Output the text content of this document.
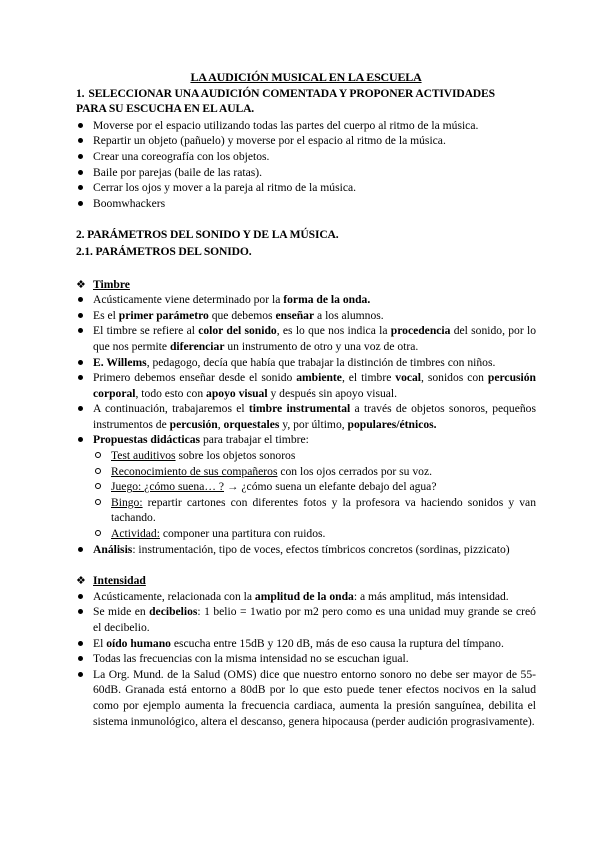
LA AUDICIÓN MUSICAL EN LA ESCUELA
1. SELECCIONAR UNA AUDICIÓN COMENTADA Y PROPONER ACTIVIDADES
PARA SU ESCUCHA EN EL AULA.
Moverse por el espacio utilizando todas las partes del cuerpo al ritmo de la música.
Repartir un objeto (pañuelo) y moverse por el espacio al ritmo de la música.
Crear una coreografía con los objetos.
Baile por parejas (baile de las ratas).
Cerrar los ojos y mover a la pareja al ritmo de la música.
Boomwhackers
2. PARÁMETROS DEL SONIDO Y DE LA MÚSICA.
2.1. PARÁMETROS DEL SONIDO.
❖ Timbre
Acústicamente viene determinado por la forma de la onda.
Es el primer parámetro que debemos enseñar a los alumnos.
El timbre se refiere al color del sonido, es lo que nos indica la procedencia del sonido, por lo que nos permite diferenciar un instrumento de otro y una voz de otra.
E. Willems, pedagogo, decía que había que trabajar la distinción de timbres con niños.
Primero debemos enseñar desde el sonido ambiente, el timbre vocal, sonidos con percusión corporal, todo esto con apoyo visual y después sin apoyo visual.
A continuación, trabajaremos el timbre instrumental a través de objetos sonoros, pequeños instrumentos de percusión, orquestales y, por último, populares/étnicos.
Propuestas didácticas para trabajar el timbre:
Test auditivos sobre los objetos sonoros
Reconocimiento de sus compañeros con los ojos cerrados por su voz.
Juego: ¿cómo suena… ? → ¿cómo suena un elefante debajo del agua?
Bingo: repartir cartones con diferentes fotos y la profesora va haciendo sonidos y van tachando.
Actividad: componer una partitura con ruidos.
Análisis: instrumentación, tipo de voces, efectos tímbricos concretos (sordinas, pizzicato)
❖ Intensidad
Acústicamente, relacionada con la amplitud de la onda: a más amplitud, más intensidad.
Se mide en decibelios: 1 belio = 1watio por m2 pero como es una unidad muy grande se creó el decibelio.
El oído humano escucha entre 15dB y 120 dB, más de eso causa la ruptura del tímpano.
Todas las frecuencias con la misma intensidad no se escuchan igual.
La Org. Mund. de la Salud (OMS) dice que nuestro entorno sonoro no debe ser mayor de 55-60dB. Granada está entorno a 80dB por lo que esto puede tener efectos nocivos en la salud como por ejemplo aumenta la frecuencia cardiaca, aumenta la presión sanguínea, debilita el sistema inmunológico, altera el descanso, genera hipocausa (perder audición prograsivamente).
